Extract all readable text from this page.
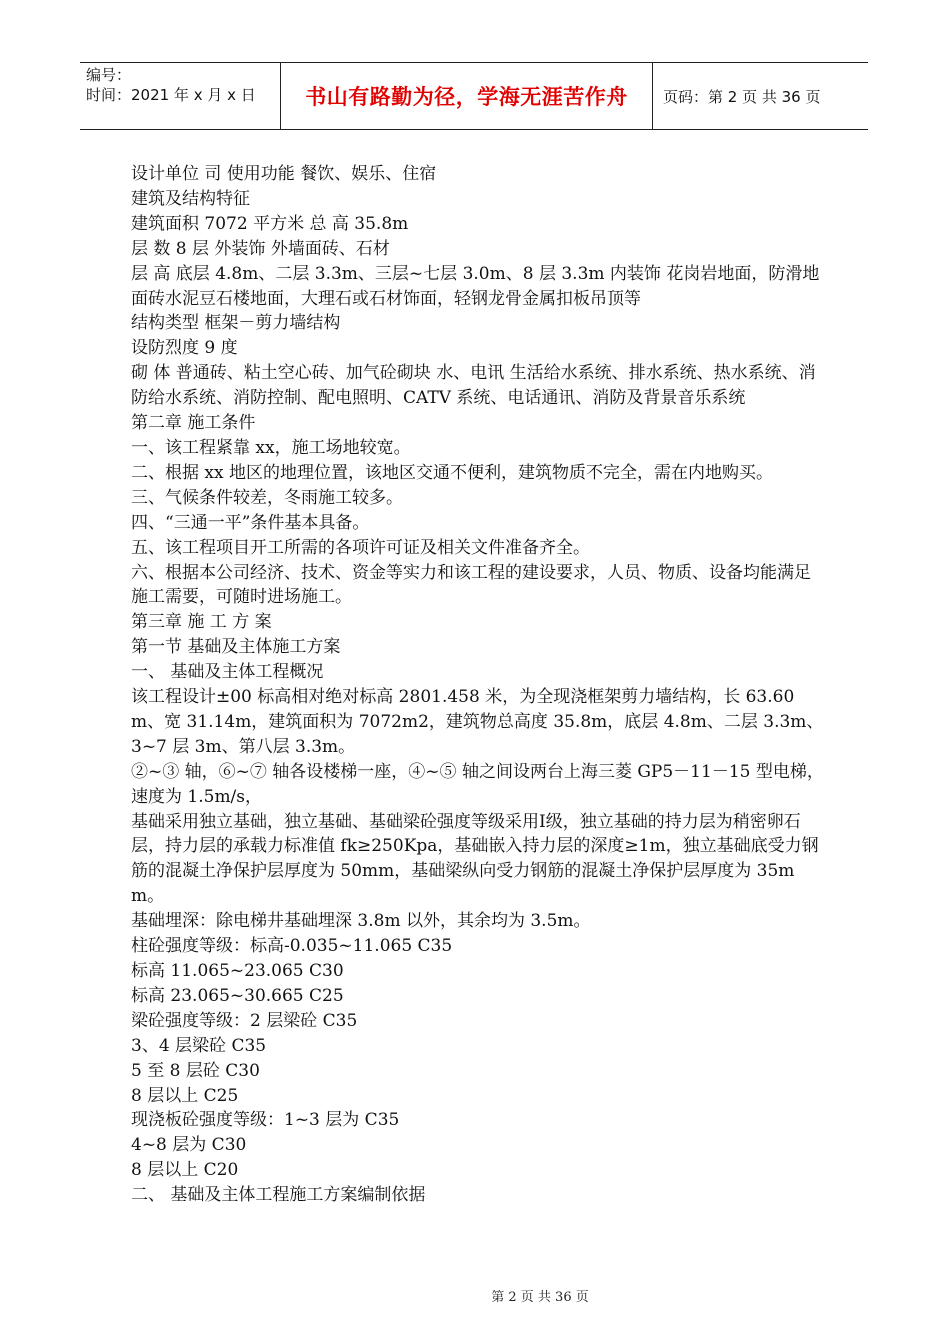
编号：
时间：2021 年 x 月 x 日	书山有路勤为径，学海无涯苦作舟	页码：第 2 页 共 36 页

设计单位 司 使用功能 餐饮、娱乐、住宿

建筑及结构特征

建筑面积 7072 平方米 总 高 35.8m

层 数 8 层 外装饰 外墙面砖、石材

层 高 底层 4.8m、二层 3.3m、三层~七层 3.0m、8 层 3.3m 内装饰 花岗岩地面，防滑地面砖水泥豆石楼地面，大理石或石材饰面，轻钢龙骨金属扣板吊顶等

结构类型 框架－剪力墙结构

设防烈度 9 度

砌 体 普通砖、粘土空心砖、加气砼砌块 水、电讯 生活给水系统、排水系统、热水系统、消防给水系统、消防控制、配电照明、CATV 系统、电话通讯、消防及背景音乐系统

第二章 施工条件

一、该工程紧靠 xx，施工场地较宽。

二、根据 xx 地区的地理位置，该地区交通不便利，建筑物质不完全，需在内地购买。

三、气候条件较差，冬雨施工较多。

四、“三通一平”条件基本具备。

五、该工程项目开工所需的各项许可证及相关文件准备齐全。

六、根据本公司经济、技术、资金等实力和该工程的建设要求，人员、物质、设备均能满足施工需要，可随时进场施工。

第三章 施 工 方 案

第一节 基础及主体施工方案

一、 基础及主体工程概况

该工程设计±00 标高相对绝对标高 2801.458 米，为全现浇框架剪力墙结构，长 63.60m、宽 31.14m，建筑面积为 7072m2，建筑物总高度 35.8m，底层 4.8m、二层 3.3m、3~7 层 3m、第八层 3.3m。

②~③ 轴，⑥~⑦ 轴各设楼梯一座，④~⑤ 轴之间设两台上海三菱 GP5－11－15 型电梯，速度为 1.5m/s，

基础采用独立基础，独立基础、基础梁砼强度等级采用Ⅰ级，独立基础的持力层为稍密卵石层，持力层的承载力标准值 fk≥250Kpa，基础嵌入持力层的深度≥1m，独立基础底受力钢筋的混凝土净保护层厚度为 50mm，基础梁纵向受力钢筋的混凝土净保护层厚度为 35mm。

基础埋深：除电梯井基础埋深 3.8m 以外，其余均为 3.5m。

柱砼强度等级：标高-0.035~11.065 C35

标高 11.065~23.065 C30

标高 23.065~30.665 C25

梁砼强度等级：2 层梁砼 C35

3、4 层梁砼 C35

5 至 8 层砼 C30

8 层以上 C25

现浇板砼强度等级：1~3 层为 C35

4~8 层为 C30

8 层以上 C20

二、 基础及主体工程施工方案编制依据

第 2 页 共 36 页
